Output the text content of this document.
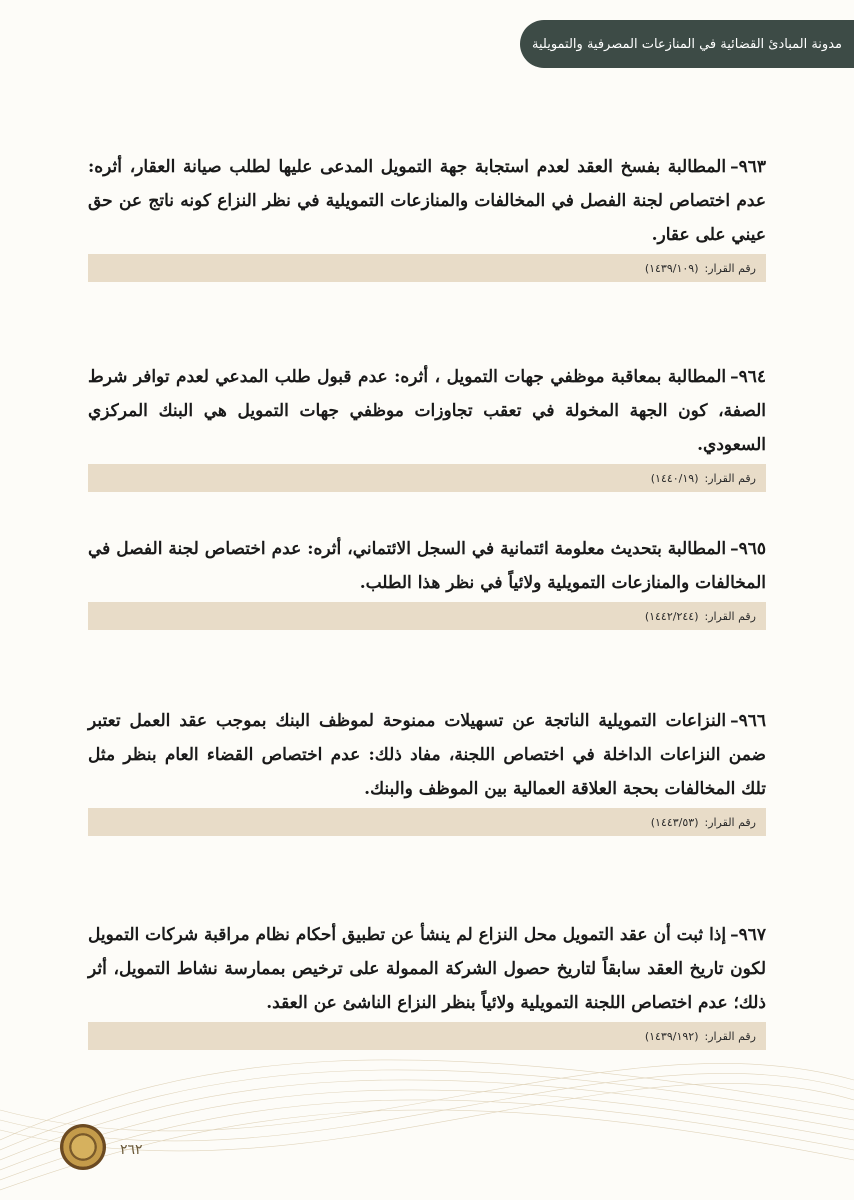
مدونة المبادئ القضائية في المنازعات المصرفية والتمويلية

٩٦٣–المطالبة بفسخ العقد لعدم استجابة جهة التمويل المدعى عليها لطلب صيانة العقار، أثره: عدم اختصاص لجنة الفصل في المخالفات والمنازعات التمويلية في نظر النزاع كونه ناتج عن حق عيني على عقار.

رقم القرار:
(١٤٣٩/١٠٩)

٩٦٤–المطالبة بمعاقبة موظفي جهات التمويل ، أثره: عدم قبول طلب المدعي لعدم توافر شرط الصفة، كون الجهة المخولة في تعقب تجاوزات موظفي جهات التمويل هي البنك المركزي السعودي.

رقم القرار:
(١٤٤٠/١٩)

٩٦٥–المطالبة بتحديث معلومة ائتمانية في السجل الائتماني، أثره: عدم اختصاص لجنة الفصل في المخالفات والمنازعات التمويلية ولائياً في نظر هذا الطلب.

رقم القرار:
(١٤٤٢/٢٤٤)

٩٦٦–النزاعات التمويلية الناتجة عن تسهيلات ممنوحة لموظف البنك بموجب عقد العمل تعتبر ضمن النزاعات الداخلة في اختصاص اللجنة، مفاد ذلك: عدم اختصاص القضاء العام بنظر مثل تلك المخالفات بحجة العلاقة العمالية بين الموظف والبنك.

رقم القرار:
(١٤٤٣/٥٣)

٩٦٧–إذا ثبت أن عقد التمويل محل النزاع لم ينشأ عن تطبيق أحكام نظام مراقبة شركات التمويل لكون تاريخ العقد سابقاً لتاريخ حصول الشركة الممولة على ترخيص بممارسة نشاط التمويل، أثر ذلك؛ عدم اختصاص اللجنة التمويلية ولائياً بنظر النزاع الناشئ عن العقد.

رقم القرار:
(١٤٣٩/١٩٢)
٢٦٢
